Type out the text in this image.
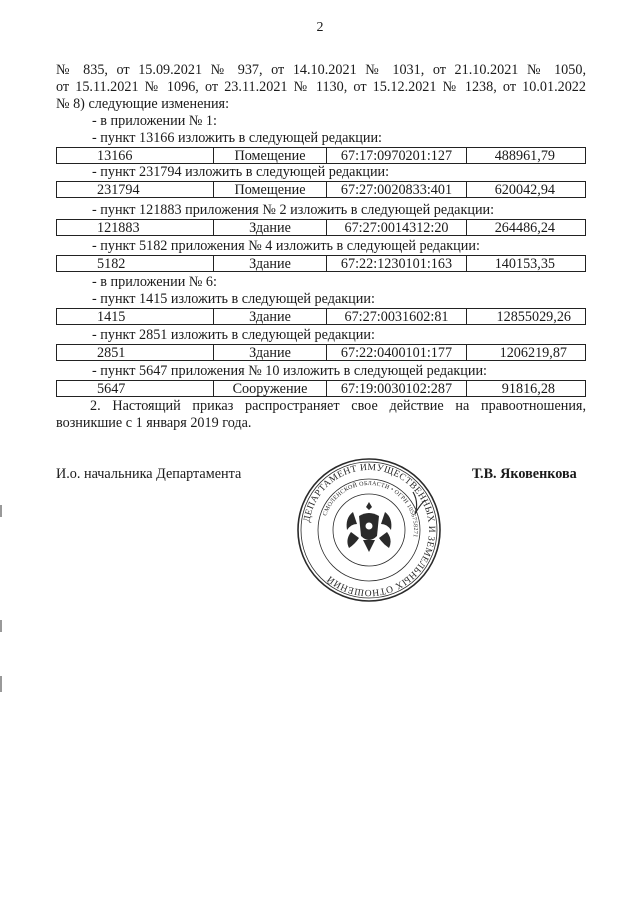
2
№ 835, от 15.09.2021 № 937, от 14.10.2021 № 1031, от 21.10.2021 № 1050,
от 15.11.2021 № 1096, от 23.11.2021 № 1130, от 15.12.2021 № 1238, от 10.01.2022
№ 8) следующие изменения:
- в приложении № 1:
- пункт 13166 изложить в следующей редакции:
13166	Помещение	67:17:0970201:127	488961,79
- пункт 231794 изложить в следующей редакции:
231794	Помещение	67:27:0020833:401	620042,94
- пункт 121883 приложения № 2 изложить в следующей редакции:
121883	Здание	67:27:0014312:20	264486,24
- пункт 5182 приложения № 4 изложить в следующей редакции:
5182	Здание	67:22:1230101:163	140153,35
- в приложении № 6:
- пункт 1415 изложить в следующей редакции:
1415	Здание	67:27:0031602:81	12855029,26
- пункт 2851 изложить в следующей редакции:
2851	Здание	67:22:0400101:177	1206219,87
- пункт 5647 приложения № 10 изложить в следующей редакции:
5647	Сооружение	67:19:0030102:287	91816,28
2. Настоящий приказ распространяет свое действие на правоотношения,
возникшие с 1 января 2019 года.
И.о. начальника Департамента	Т.В. Яковенкова
ДЕПАРТАМЕНТ ИМУЩЕСТВЕННЫХ И ЗЕМЕЛЬНЫХ ОТНОШЕНИЙ
СМОЛЕНСКОЙ ОБЛАСТИ • ОГРН 1056758271
